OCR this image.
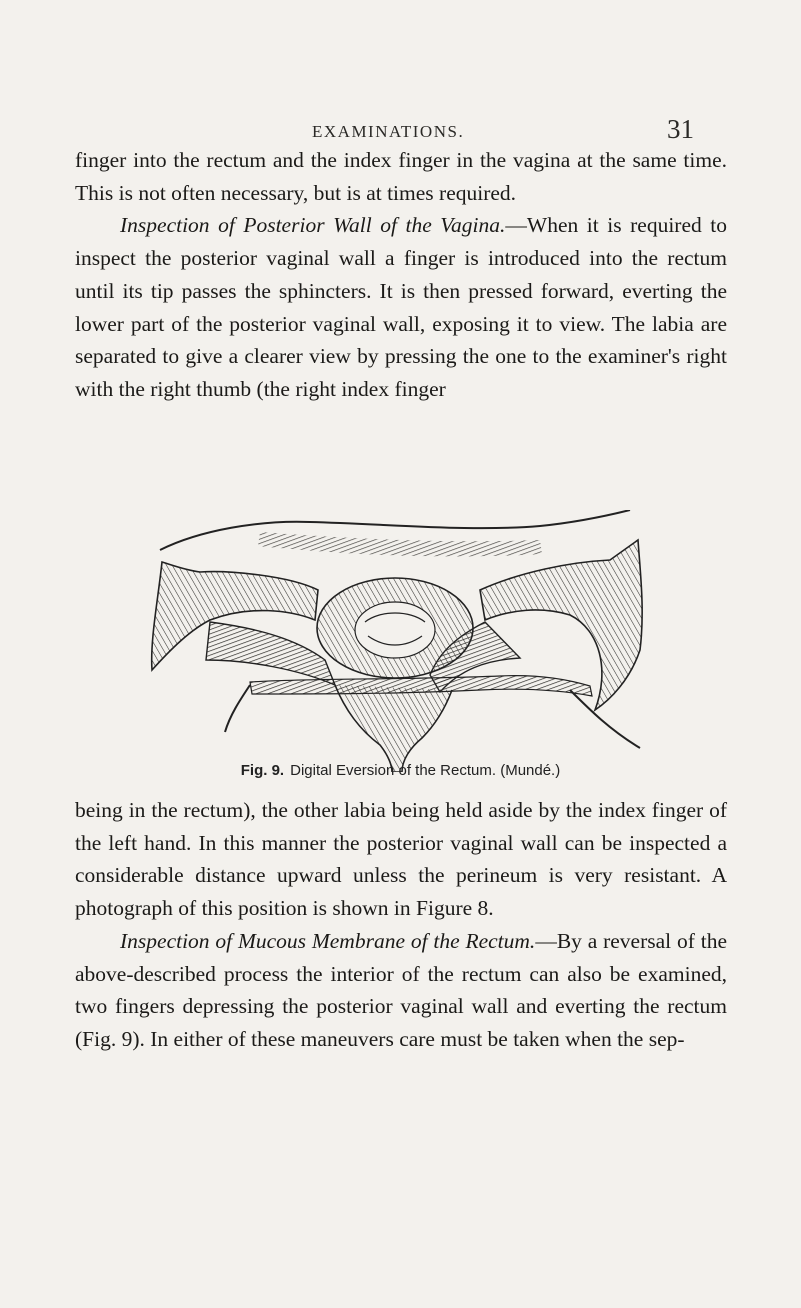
EXAMINATIONS.	31

finger into the rectum and the index finger in the vagina at the same time. This is not often necessary, but is at times required.

Inspection of Posterior Wall of the Vagina.—When it is required to inspect the posterior vaginal wall a finger is introduced into the rectum until its tip passes the sphincters. It is then pressed forward, everting the lower part of the posterior vaginal wall, exposing it to view. The labia are separated to give a clearer view by pressing the one to the examiner's right with the right thumb (the right index finger

Fig. 9. Digital Eversion of the Rectum. (Mundé.)

being in the rectum), the other labia being held aside by the index finger of the left hand. In this manner the posterior vaginal wall can be inspected a considerable distance upward unless the perineum is very resistant. A photograph of this position is shown in Figure 8.

Inspection of Mucous Membrane of the Rectum.—By a reversal of the above-described process the interior of the rectum can also be examined, two fingers depressing the posterior vaginal wall and everting the rectum (Fig. 9). In either of these maneuvers care must be taken when the sep-
